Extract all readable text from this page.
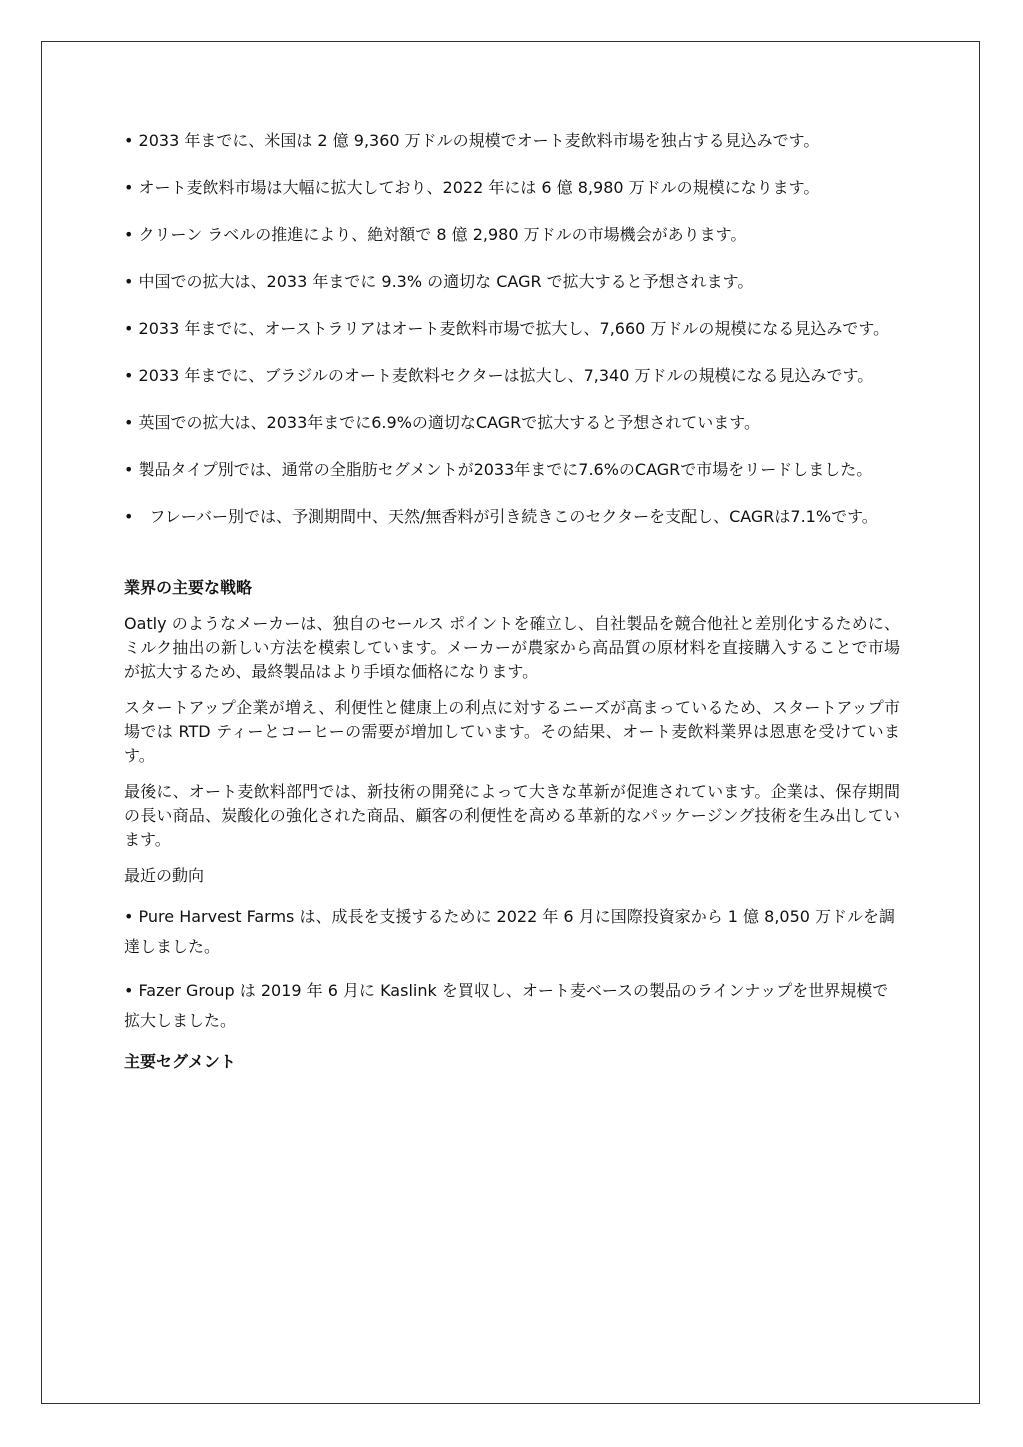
• 2033 年までに、米国は 2 億 9,360 万ドルの規模でオート麦飲料市場を独占する見込みです。

• オート麦飲料市場は大幅に拡大しており、2022 年には 6 億 8,980 万ドルの規模になります。

• クリーン ラベルの推進により、絶対額で 8 億 2,980 万ドルの市場機会があります。

• 中国での拡大は、2033 年までに 9.3% の適切な CAGR で拡大すると予想されます。

• 2033 年までに、オーストラリアはオート麦飲料市場で拡大し、7,660 万ドルの規模になる見込みです。

• 2033 年までに、ブラジルのオート麦飲料セクターは拡大し、7,340 万ドルの規模になる見込みです。

• 英国での拡大は、2033年までに6.9%の適切なCAGRで拡大すると予想されています。

• 製品タイプ別では、通常の全脂肪セグメントが2033年までに7.6%のCAGRで市場をリードしました。

•　フレーバー別では、予測期間中、天然/無香料が引き続きこのセクターを支配し、CAGRは7.1%です。

業界の主要な戦略

Oatly のようなメーカーは、独自のセールス ポイントを確立し、自社製品を競合他社と差別化するために、ミルク抽出の新しい方法を模索しています。メーカーが農家から高品質の原材料を直接購入することで市場が拡大するため、最終製品はより手頃な価格になります。

スタートアップ企業が増え、利便性と健康上の利点に対するニーズが高まっているため、スタートアップ市場では RTD ティーとコーヒーの需要が増加しています。その結果、オート麦飲料業界は恩恵を受けています。

最後に、オート麦飲料部門では、新技術の開発によって大きな革新が促進されています。企業は、保存期間の長い商品、炭酸化の強化された商品、顧客の利便性を高める革新的なパッケージング技術を生み出しています。

最近の動向

• Pure Harvest Farms は、成長を支援するために 2022 年 6 月に国際投資家から 1 億 8,050 万ドルを調達しました。

• Fazer Group は 2019 年 6 月に Kaslink を買収し、オート麦ベースの製品のラインナップを世界規模で拡大しました。

主要セグメント
